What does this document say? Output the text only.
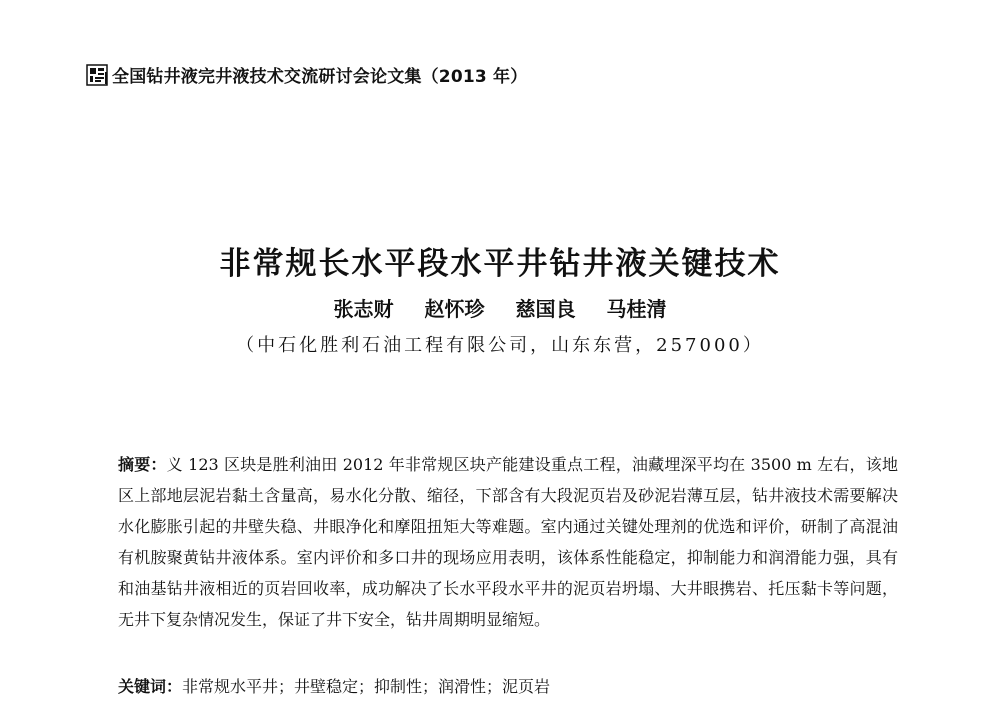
全国钻井液完井液技术交流研讨会论文集（2013 年）
非常规长水平段水平井钻井液关键技术
张志财 赵怀珍 慈国良 马桂清
（中石化胜利石油工程有限公司，山东东营，257000）
摘要：义 123 区块是胜利油田 2012 年非常规区块产能建设重点工程，油藏埋深平均在 3500 m 左右，该地区上部地层泥岩黏土含量高，易水化分散、缩径，下部含有大段泥页岩及砂泥岩薄互层，钻井液技术需要解决水化膨胀引起的井壁失稳、井眼净化和摩阻扭矩大等难题。室内通过关键处理剂的优选和评价，研制了高混油有机胺聚黄钻井液体系。室内评价和多口井的现场应用表明，该体系性能稳定，抑制能力和润滑能力强，具有和油基钻井液相近的页岩回收率，成功解决了长水平段水平井的泥页岩坍塌、大井眼携岩、托压黏卡等问题，无井下复杂情况发生，保证了井下安全，钻井周期明显缩短。
关键词：非常规水平井；井壁稳定；抑制性；润滑性；泥页岩
